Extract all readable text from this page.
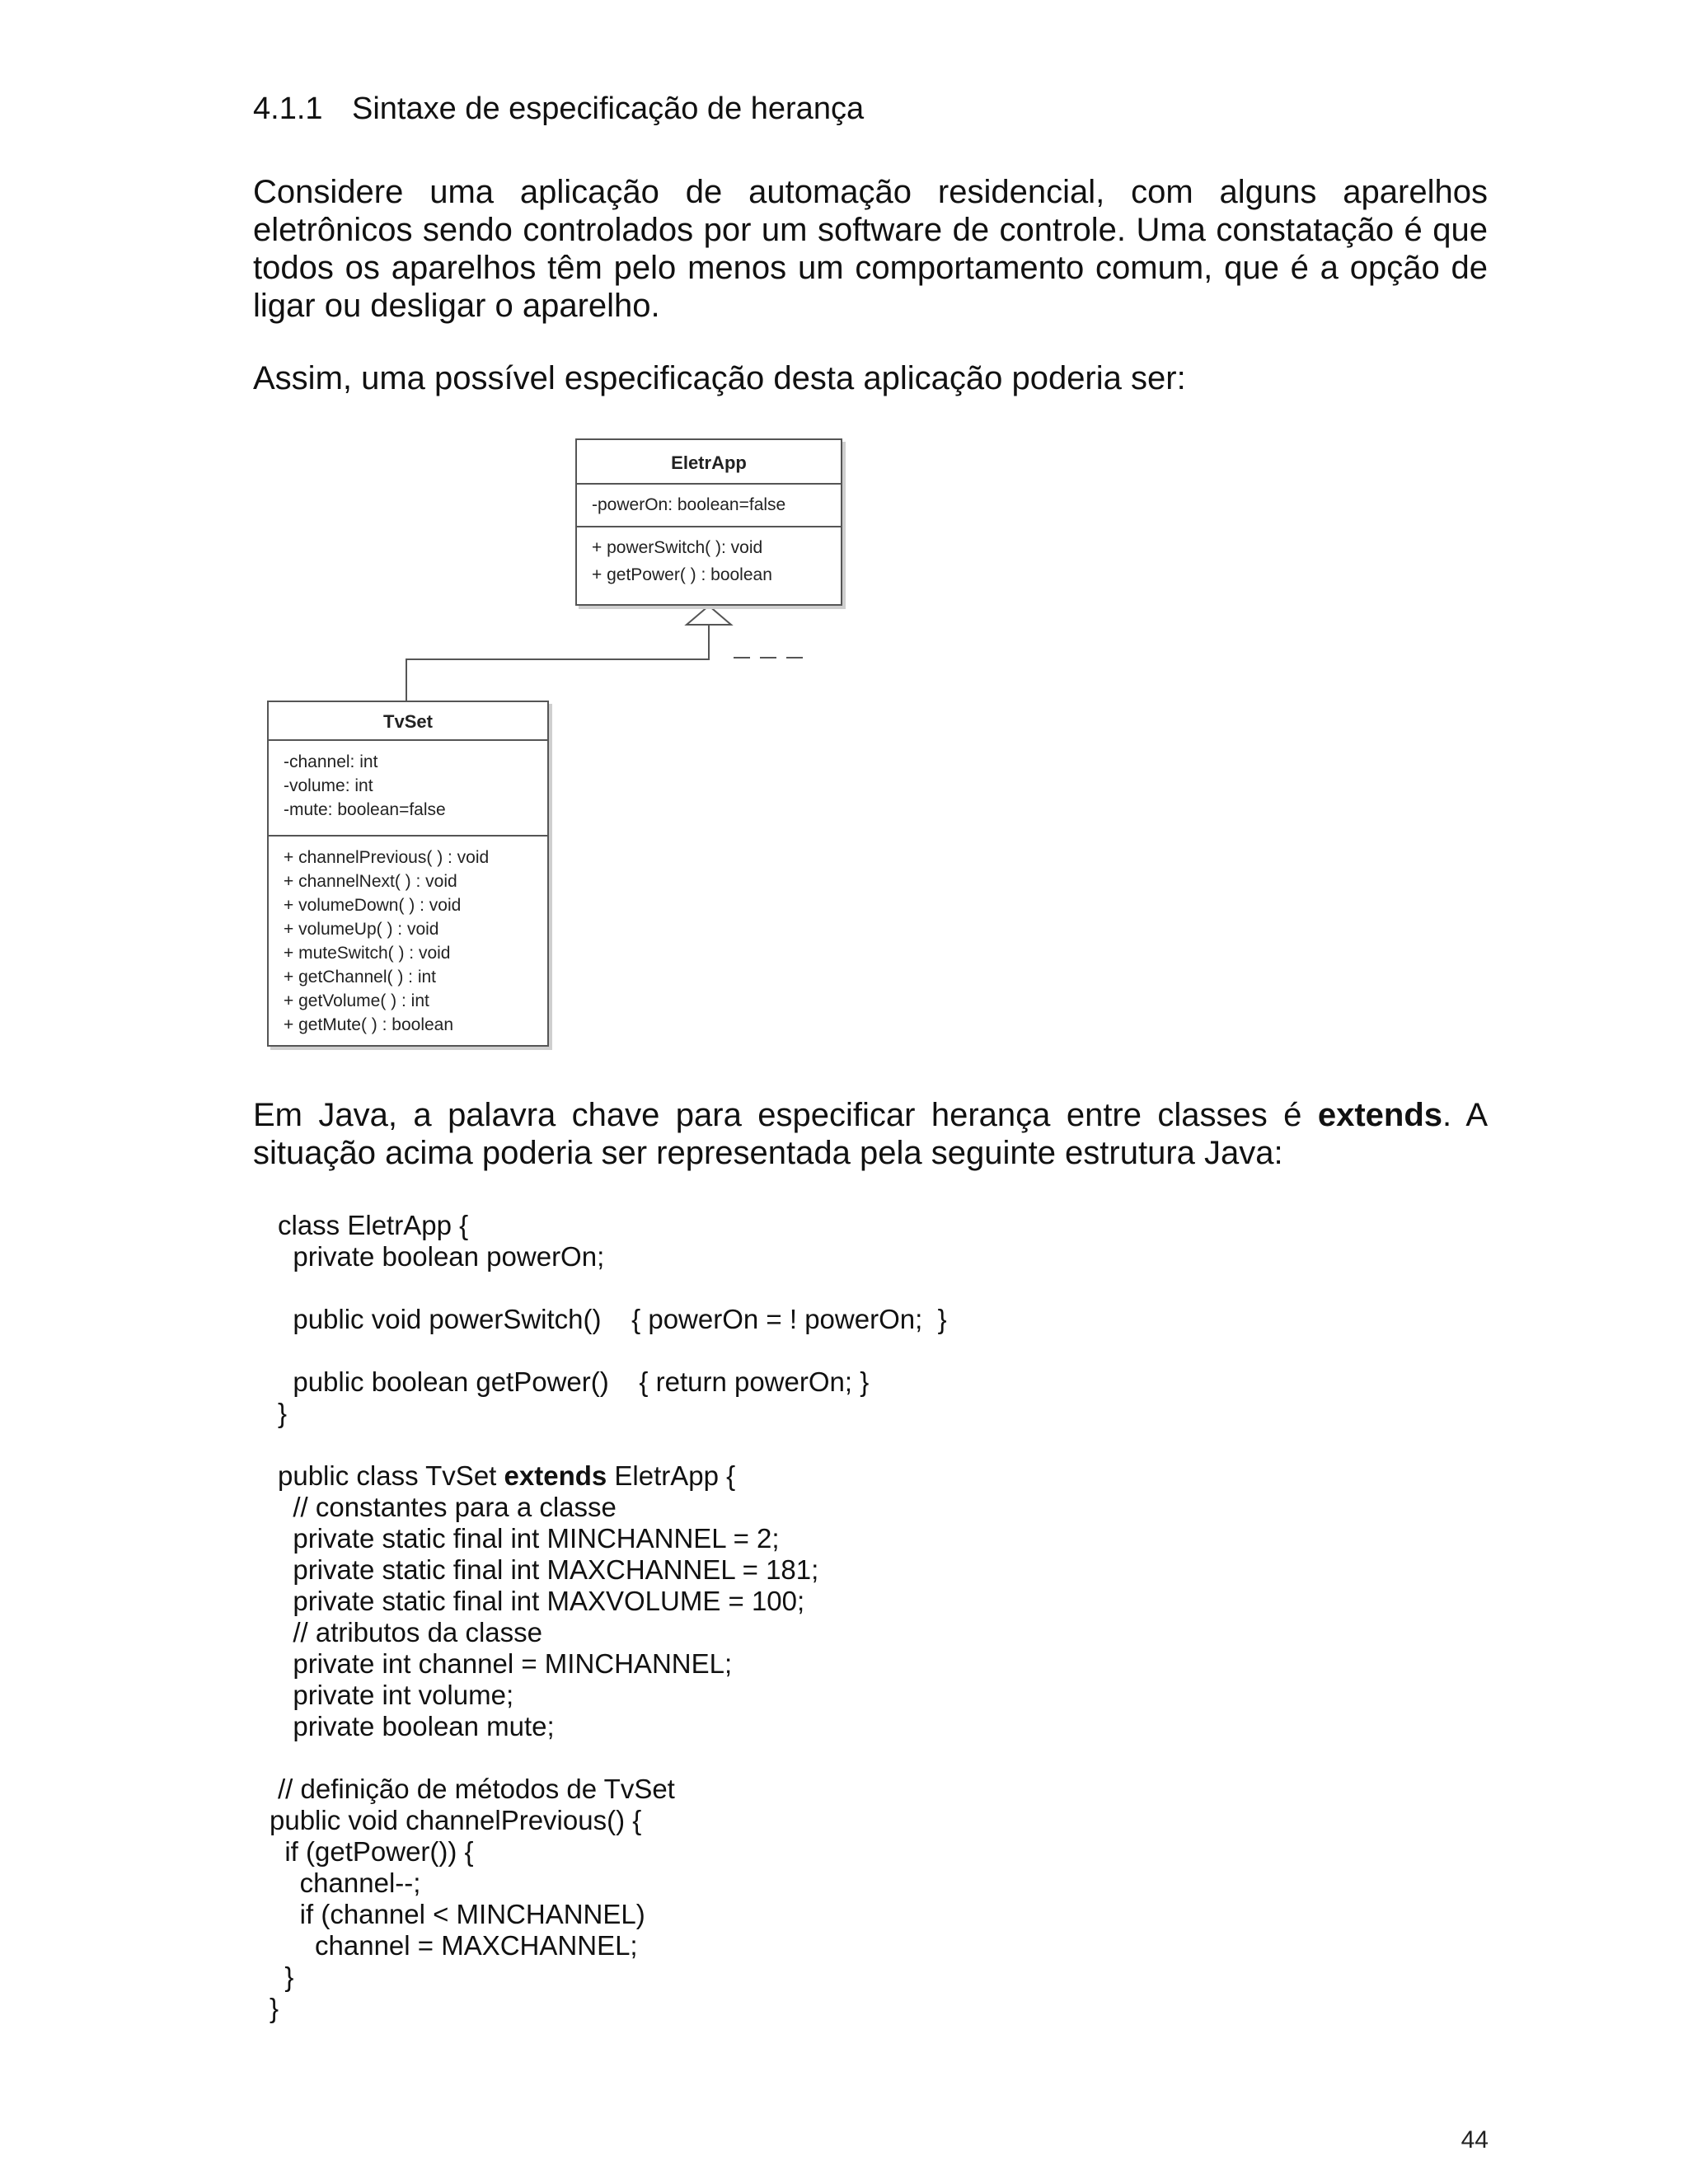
4.1.1 Sintaxe de especificação de herança
Considere uma aplicação de automação residencial, com alguns aparelhos eletrônicos sendo controlados por um software de controle. Uma constatação é que todos os aparelhos têm pelo menos um comportamento comum, que é a opção de ligar ou desligar o aparelho.
Assim, uma possível especificação desta aplicação poderia ser:
EletrApp
-powerOn: boolean=false
+ powerSwitch( ): void
+ getPower( ) : boolean
TvSet
-channel: int
-volume: int
-mute: boolean=false
+ channelPrevious( ) : void
+ channelNext( ) : void
+ volumeDown( ) : void
+ volumeUp( ) : void
+ muteSwitch( ) : void
+ getChannel( ) : int
+ getVolume( ) : int
+ getMute( ) : boolean
Em Java, a palavra chave para especificar herança entre classes é extends. A situação acima poderia ser representada pela seguinte estrutura Java:
class EletrApp {
private boolean powerOn;
public void powerSwitch()    { powerOn = ! powerOn;  }
public boolean getPower()    { return powerOn; }
}
public class TvSet extends EletrApp {
// constantes para a classe
private static final int MINCHANNEL = 2;
private static final int MAXCHANNEL = 181;
private static final int MAXVOLUME = 100;
// atributos da classe
private int channel = MINCHANNEL;
private int volume;
private boolean mute;
// definição de métodos de TvSet
public void channelPrevious() {
if (getPower()) {
channel--;
if (channel < MINCHANNEL)
channel = MAXCHANNEL;
}
}
44
